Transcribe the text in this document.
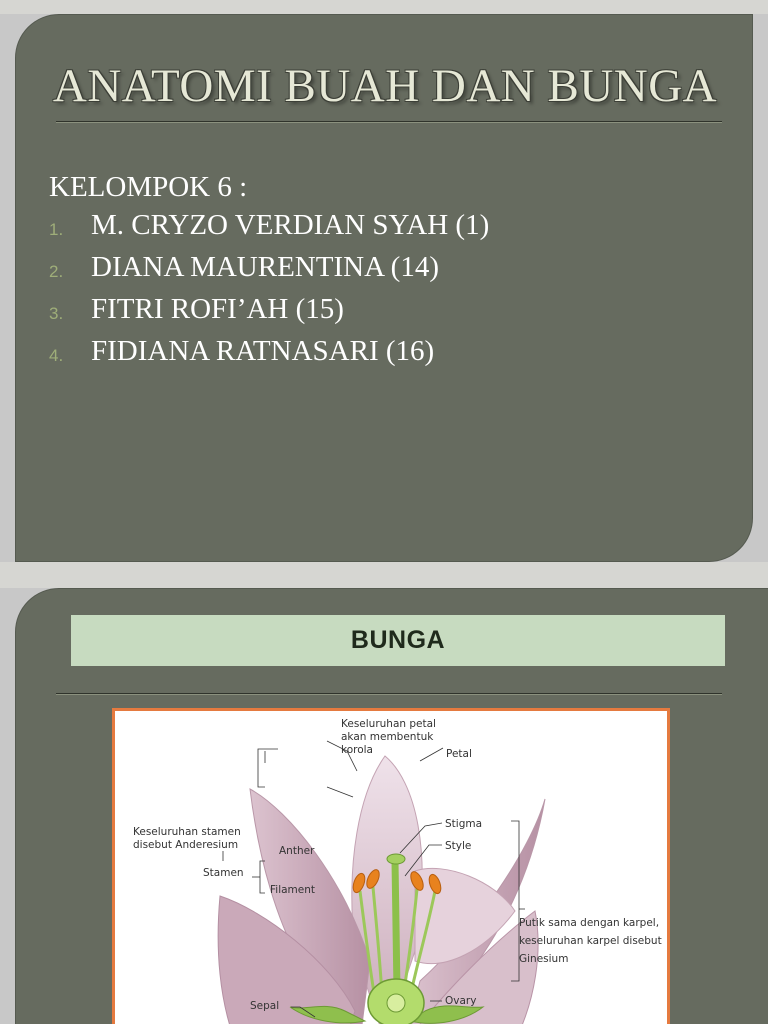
ANATOMI BUAH DAN BUNGA
KELOMPOK 6 :
1. M. CRYZO VERDIAN SYAH (1)
2. DIANA MAURENTINA (14)
3. FITRI ROFI’AH (15)
4. FIDIANA RATNASARI (16)
BUNGA
Keseluruhan petal
akan membentuk
korola	Petal
Keseluruhan stamen
disebut Anderesium	Anther
Stamen
Filament
Stigma
Style
Putik sama dengan karpel,
keseluruhan karpel disebut
Ginesium
Sepal	Ovary
